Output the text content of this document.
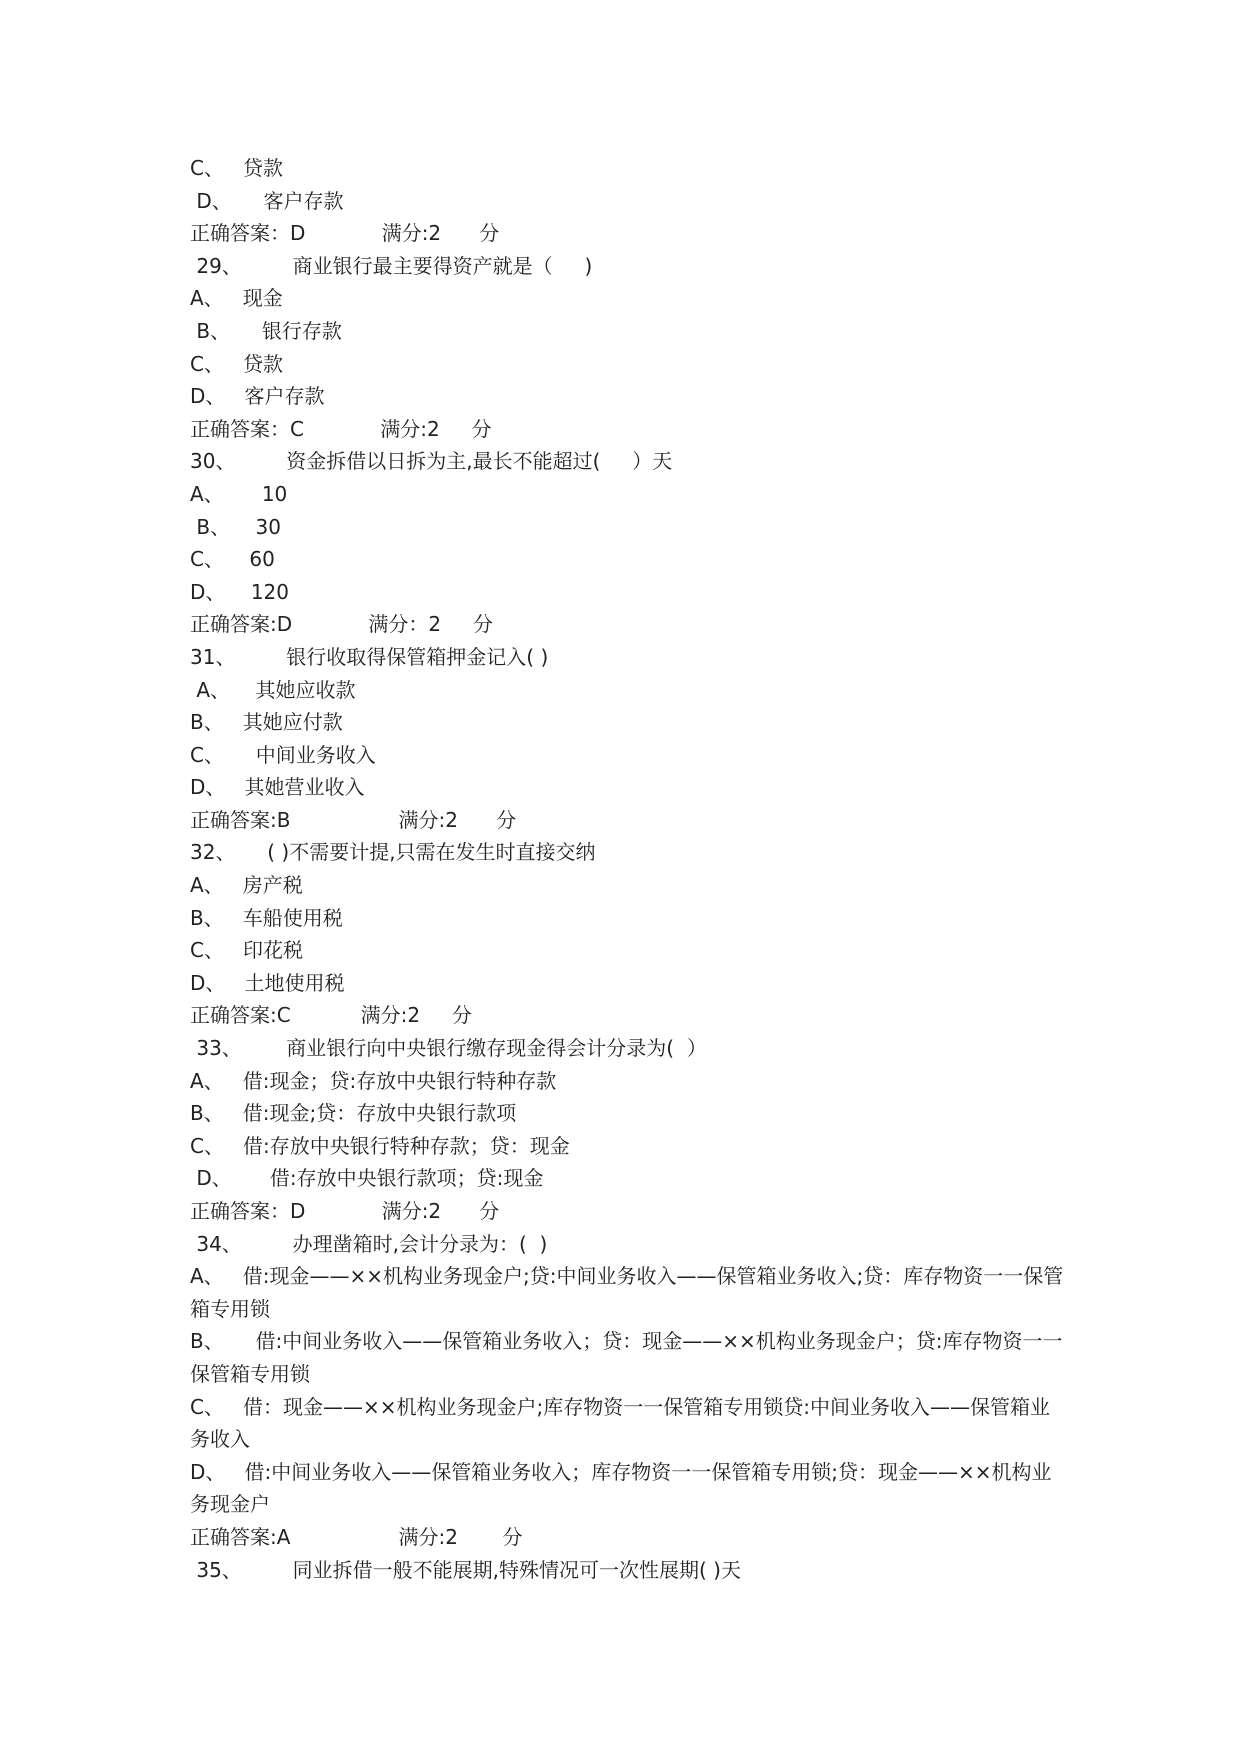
C、   贷款
D、     客户存款
正确答案：D            满分:2      分
29、        商业银行最主要得资产就是（     )
A、   现金
B、     银行存款
C、   贷款
D、   客户存款
正确答案：C            满分:2     分
30、        资金拆借以日拆为主,最长不能超过(     ）天
A、      10
B、    30
C、    60
D、    120
正确答案:D            满分：2     分
31、        银行收取得保管箱押金记入( )
A、    其她应收款
B、   其她应付款
C、     中间业务收入
D、   其她营业收入
正确答案:B                 满分:2      分
32、     ( )不需要计提,只需在发生时直接交纳
A、   房产税
B、   车船使用税
C、   印花税
D、   土地使用税
正确答案:C           满分:2     分
33、       商业银行向中央银行缴存现金得会计分录为(  ）
A、   借:现金；贷:存放中央银行特种存款
B、   借:现金;贷：存放中央银行款项
C、   借:存放中央银行特种存款；贷：现金
D、      借:存放中央银行款项；贷:现金
正确答案：D            满分:2      分
34、        办理凿箱时,会计分录为：(  )
A、   借:现金——××机构业务现金户;贷:中间业务收入——保管箱业务收入;贷：库存物资一一保管箱专用锁
B、     借:中间业务收入——保管箱业务收入；贷：现金——××机构业务现金户；贷:库存物资一一保管箱专用锁
C、   借：现金——××机构业务现金户;库存物资一一保管箱专用锁贷:中间业务收入——保管箱业务收入
D、   借:中间业务收入——保管箱业务收入；库存物资一一保管箱专用锁;贷：现金——××机构业务现金户
正确答案:A                 满分:2       分
35、        同业拆借一般不能展期,特殊情况可一次性展期( )天
